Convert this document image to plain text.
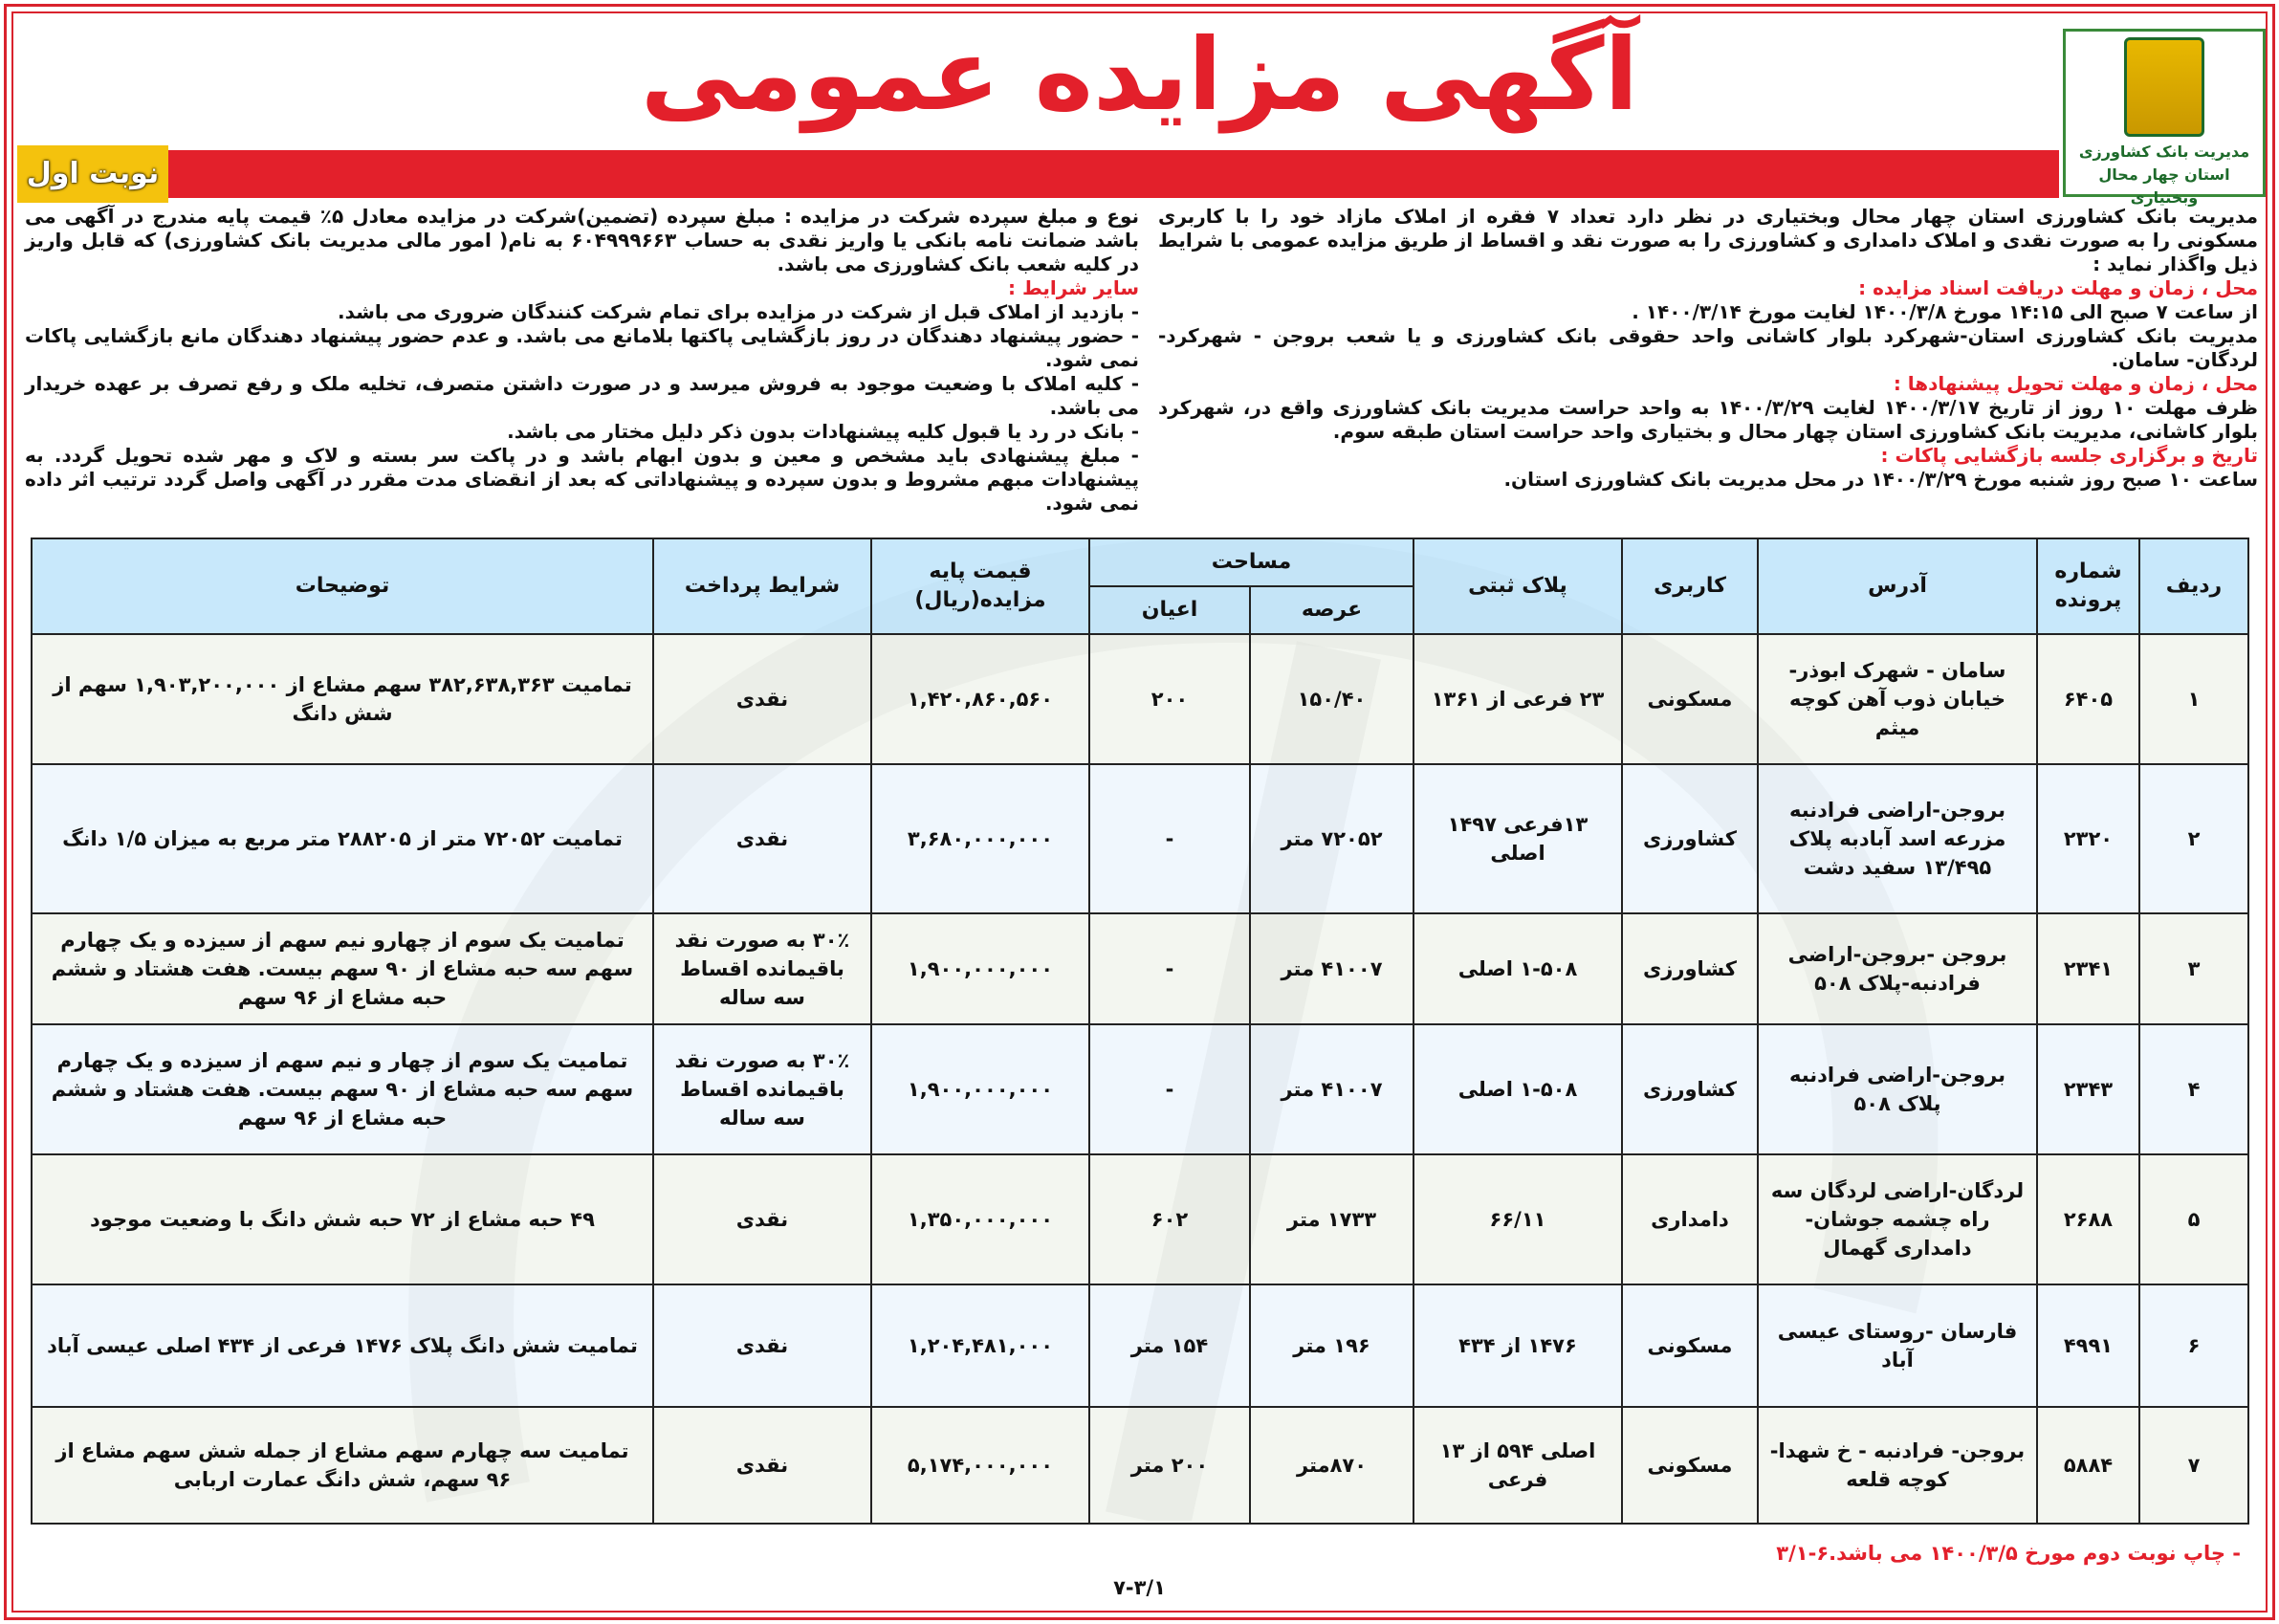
آگهی مزایده عمومی
مدیریت بانک کشاورزی
استان چهار محال وبختیاری
نوبت اول
مدیریت بانک کشاورزی استان چهار محال وبختیاری در نظر دارد تعداد ۷ فقره از املاک مازاد خود را با کاربری مسکونی را به صورت نقدی و املاک دامداری و کشاورزی را به صورت نقد و اقساط از طریق مزایده عمومی با شرایط ذیل واگذار نماید :
محل ، زمان و مهلت دریافت اسناد مزایده :
از ساعت ۷ صبح الی ۱۴:۱۵ مورخ ۱۴۰۰/۳/۸ لغایت مورخ ۱۴۰۰/۳/۱۴ .
مدیریت بانک کشاورزی استان-شهرکرد بلوار کاشانی واحد حقوقی بانک کشاورزی و یا شعب بروجن - شهرکرد- لردگان- سامان.
محل ، زمان و مهلت تحویل پیشنهادها :
ظرف مهلت ۱۰ روز از تاریخ ۱۴۰۰/۳/۱۷ لغایت ۱۴۰۰/۳/۲۹ به واحد حراست مدیریت بانک کشاورزی واقع در، شهرکرد بلوار کاشانی، مدیریت بانک کشاورزی استان چهار محال و بختیاری واحد حراست استان طبقه سوم.
تاریخ و برگزاری جلسه بازگشایی پاکات :
ساعت ۱۰ صبح روز شنبه مورخ ۱۴۰۰/۳/۲۹ در محل مدیریت بانک کشاورزی استان.
نوع و مبلغ سپرده شرکت در مزایده : مبلغ سپرده (تضمین)شرکت در مزایده معادل ۵٪ قیمت پایه مندرج در آگهی می باشد ضمانت نامه بانکی یا واریز نقدی به حساب ۶۰۴۹۹۹۶۶۳ به نام( امور مالی مدیریت بانک کشاورزی) که قابل واریز در کلیه شعب بانک کشاورزی می باشد.
سایر شرایط :
- بازدید از املاک قبل از شرکت در مزایده برای تمام شرکت کنندگان ضروری می باشد.
- حضور پیشنهاد دهندگان در روز بازگشایی پاکتها بلامانع می باشد. و عدم حضور پیشنهاد دهندگان مانع بازگشایی پاکات نمی شود.
- کلیه املاک با وضعیت موجود به فروش میرسد و در صورت داشتن متصرف، تخلیه ملک و رفع تصرف بر عهده خریدار می باشد.
- بانک در رد یا قبول کلیه پیشنهادات بدون ذکر دلیل مختار می باشد.
- مبلغ پیشنهادی باید مشخص و معین و بدون ابهام باشد و در پاکت سر بسته و لاک و مهر شده تحویل گردد. به پیشنهادات مبهم مشروط و بدون سپرده و پیشنهاداتی که بعد از انقضای مدت مقرر در آگهی واصل گردد ترتیب اثر داده نمی شود.
ردیف	شماره پرونده	آدرس	کاربری	پلاک ثبتی	مساحت		قیمت پایه مزایده(ریال)	شرایط پرداخت	توضیحات
					عرصه	اعیان			
۱	۶۴۰۵	سامان - شهرک ابوذر- خیابان ذوب آهن کوچه میثم	مسکونی	۲۳ فرعی از ۱۳۶۱	۱۵۰/۴۰	۲۰۰	۱,۴۲۰,۸۶۰,۵۶۰	نقدی	تمامیت ۳۸۲,۶۳۸,۳۶۳ سهم مشاع از ۱,۹۰۳,۲۰۰,۰۰۰ سهم از شش دانگ
۲	۲۳۲۰	بروجن-اراضی فرادنبه مزرعه اسد آبادبه پلاک ۱۳/۴۹۵ سفید دشت	کشاورزی	۱۳فرعی ۱۴۹۷ اصلی	۷۲۰۵۲ متر	-	۳,۶۸۰,۰۰۰,۰۰۰	نقدی	تمامیت ۷۲۰۵۲ متر از ۲۸۸۲۰۵ متر مربع به میزان ۱/۵ دانگ
۳	۲۳۴۱	بروجن -بروجن-اراضی فرادنبه-پلاک ۵۰۸	کشاورزی	۱-۵۰۸ اصلی	۴۱۰۰۷ متر	-	۱,۹۰۰,۰۰۰,۰۰۰	۳۰٪ به صورت نقد باقیمانده اقساط سه ساله	تمامیت یک سوم از چهارو نیم سهم از سیزده و یک چهارم سهم سه حبه مشاع از ۹۰ سهم بیست. هفت هشتاد و ششم حبه مشاع از ۹۶ سهم
۴	۲۳۴۳	بروجن-اراضی فرادنبه پلاک ۵۰۸	کشاورزی	۱-۵۰۸ اصلی	۴۱۰۰۷ متر	-	۱,۹۰۰,۰۰۰,۰۰۰	۳۰٪ به صورت نقد باقیمانده اقساط سه ساله	تمامیت یک سوم از چهار و نیم سهم از سیزده و یک چهارم سهم سه حبه مشاع از ۹۰ سهم بیست. هفت هشتاد و ششم حبه مشاع از ۹۶ سهم
۵	۲۶۸۸	لردگان-اراضی لردگان سه راه چشمه جوشان-دامداری گهمال	دامداری	۶۶/۱۱	۱۷۳۳ متر	۶۰۲	۱,۳۵۰,۰۰۰,۰۰۰	نقدی	۴۹ حبه مشاع از ۷۲ حبه شش دانگ با وضعیت موجود
۶	۴۹۹۱	فارسان -روستای عیسی آباد	مسکونی	۱۴۷۶ از ۴۳۴	۱۹۶ متر	۱۵۴ متر	۱,۲۰۴,۴۸۱,۰۰۰	نقدی	تمامیت شش دانگ پلاک ۱۴۷۶ فرعی از ۴۳۴ اصلی عیسی آباد
۷	۵۸۸۴	بروجن- فرادنبه - خ شهدا- کوچه قلعه	مسکونی	اصلی ۵۹۴ از ۱۳ فرعی	۸۷۰متر	۲۰۰ متر	۵,۱۷۴,۰۰۰,۰۰۰	نقدی	تمامیت سه چهارم سهم مشاع از جمله شش سهم مشاع از ۹۶ سهم، شش دانگ عمارت اربابی
- چاپ نوبت دوم مورخ ۱۴۰۰/۳/۵ می باشد.۶-۳/۱
۷-۳/۱
